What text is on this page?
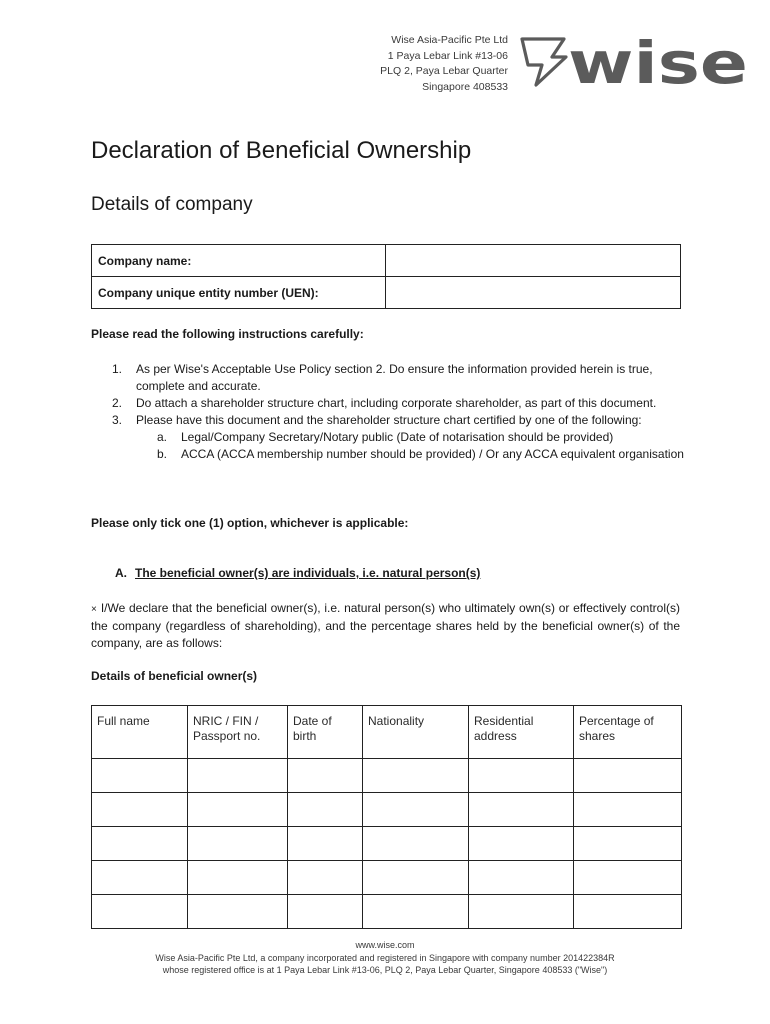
Wise Asia-Pacific Pte Ltd
1 Paya Lebar Link #13-06
PLQ 2, Paya Lebar Quarter
Singapore 408533 wise
Declaration of Beneficial Ownership
Details of company
Company name:	
Company unique entity number (UEN):	
Please read the following instructions carefully:
1. As per Wise's Acceptable Use Policy section 2. Do ensure the information provided herein is true, complete and accurate.
2. Do attach a shareholder structure chart, including corporate shareholder, as part of this document.
3. Please have this document and the shareholder structure chart certified by one of the following:
a. Legal/Company Secretary/Notary public (Date of notarisation should be provided)
b. ACCA (ACCA membership number should be provided) / Or any ACCA equivalent organisation
Please only tick one (1) option, whichever is applicable:
A. The beneficial owner(s) are individuals, i.e. natural person(s)
× I/We declare that the beneficial owner(s), i.e. natural person(s) who ultimately own(s) or effectively control(s) the company (regardless of shareholding), and the percentage shares held by the beneficial owner(s) of the company, are as follows:
Details of beneficial owner(s)
Full name	NRIC / FIN / Passport no.	Date of birth	Nationality	Residential address	Percentage of shares

www.wise.com
Wise Asia-Pacific Pte Ltd, a company incorporated and registered in Singapore with company number 201422384R
whose registered office is at 1 Paya Lebar Link #13-06, PLQ 2, Paya Lebar Quarter, Singapore 408533 ("Wise")
